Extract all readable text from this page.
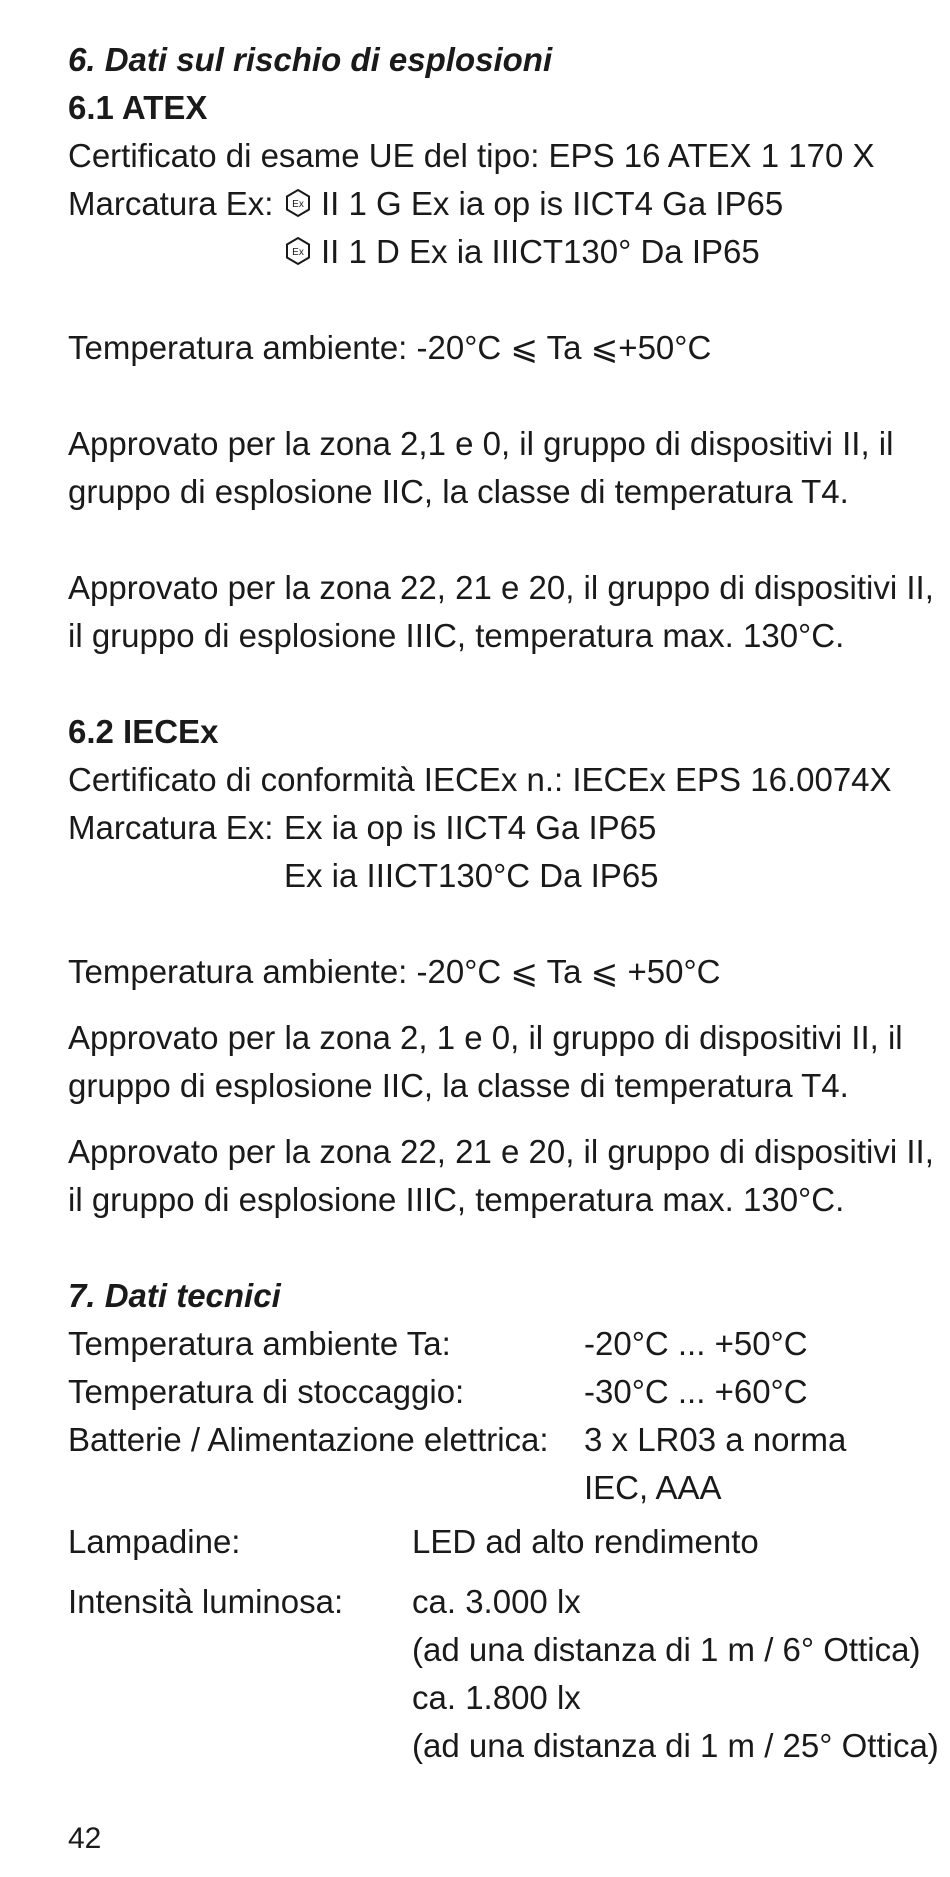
6. Dati sul rischio di esplosioni
6.1 ATEX
Certificato di esame UE del tipo: EPS 16 ATEX 1 170 X
Marcatura Ex:	Ex II 1 G Ex ia op is IICT4 Ga IP65
Ex II 1 D Ex ia IIICT130° Da IP65
Temperatura ambiente: -20°C ⩽ Ta ⩽+50°C
Approvato per la zona 2,1 e 0, il gruppo di dispositivi II, il
gruppo di esplosione IIC, la classe di temperatura T4.
Approvato per la zona 22, 21 e 20, il gruppo di dispositivi II,
il gruppo di esplosione IIIC, temperatura max. 130°C.
6.2 IECEx
Certificato di conformità IECEx n.: IECEx EPS 16.0074X
Marcatura Ex: Ex ia op is IICT4 Ga IP65
Ex ia IIICT130°C Da IP65
Temperatura ambiente: -20°C ⩽ Ta ⩽ +50°C
Approvato per la zona 2, 1 e 0, il gruppo di dispositivi II, il
gruppo di esplosione IIC, la classe di temperatura T4.
Approvato per la zona 22, 21 e 20, il gruppo di dispositivi II,
il gruppo di esplosione IIIC, temperatura max. 130°C.
7. Dati tecnici
Temperatura ambiente Ta:	-20°C ... +50°C
Temperatura di stoccaggio:	-30°C ... +60°C
Batterie / Alimentazione elettrica:	3 x LR03 a norma
IEC, AAA
Lampadine:	LED ad alto rendimento
Intensità luminosa:	ca. 3.000 lx
(ad una distanza di 1 m / 6° Ottica)
ca. 1.800 lx
(ad una distanza di 1 m / 25° Ottica)
42
